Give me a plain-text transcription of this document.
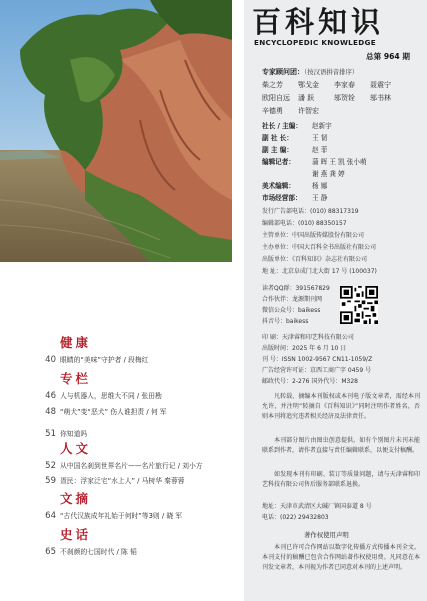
健康
40 眼睛的“美味”守护者 / 段梅红
专栏
46 人与机器人，思维大不同 / 张田勘
48 “萌犬”变“恶犬” 伤人谁担责 / 何 军
51 你知道吗
人文
52 从中国名刹到世界名片——名片旅行记 / 刘小方
59 疍民：浮家泛宅“水上人” / 马树华 秦蓉蓉
文摘
64 “古代汉族成年礼始于何时”等3则 / 晓 军
史话
65 不刹颜的七国时代 / 陈 韬
百科知识
ENCYCLOPEDIC KNOWLEDGE
总第 964 期
专家顾问团：（按汉语拼音排序）
柴之芳 鄂戈金 李家春 聂震宁
欧阳自远 潘 跃	邬贺铨 邬书林
辛德勇 许智宏
社长 / 主编： 赵新宇
副 社 长：	王 韧
副 主 编：	赵 菲
编辑记者：	蒲 晖 王 凯 张小萌
谢 燕 龚 婷
美术编辑：	杨 娜
市场经营部： 王 静
发行广告部电话：(010) 88317319
编辑部电话：(010) 88350157
主管单位：中国出版传媒股份有限公司
主办单位：中国大百科全书出版社有限公司
出版单位：《百科知识》杂志社有限公司
地 址：北京阜成门北大街 17 号 (100037)
读者QQ群：391567829
合作伙伴：龙源期刊网
微信公众号：baikess
抖音号：baikess
印 刷：天津睿和印艺科技有限公司
出版时间：2025 年 6 月 10 日
刊 号：ISSN 1002-9567 CN11-1059/Z
广告经营许可证：京西工商广字 0459 号
邮政代号：2-276 国外代号：M328
凡转载、摘编本刊版权或本刊电子版文章者，需经本刊允许，并注明“转摘自《百科知识》”同时注明作者姓名，否则本刊将追究违者相关经济及法律责任。
本刊部分图片由图虫创意提供。如有个别图片未刊未能联系到作者，请作者直接与责任编辑联系，以便支付稿酬。
如发现本刊有印刷、装订等质量问题，请与天津睿和印艺科技有限公司售后服务部联系退换。
地址：天津市武清区大碱厂镇国泰道 8 号
电话：(022) 29432803
著作权使用声明
本刊已许可合作网站以数字化传播方式传播本刊全文。本刊支付的稿酬已包含合作网站著作权使用费。凡同意在本刊发文章者，本刊视为作者已同意对本刊的上述声明。
